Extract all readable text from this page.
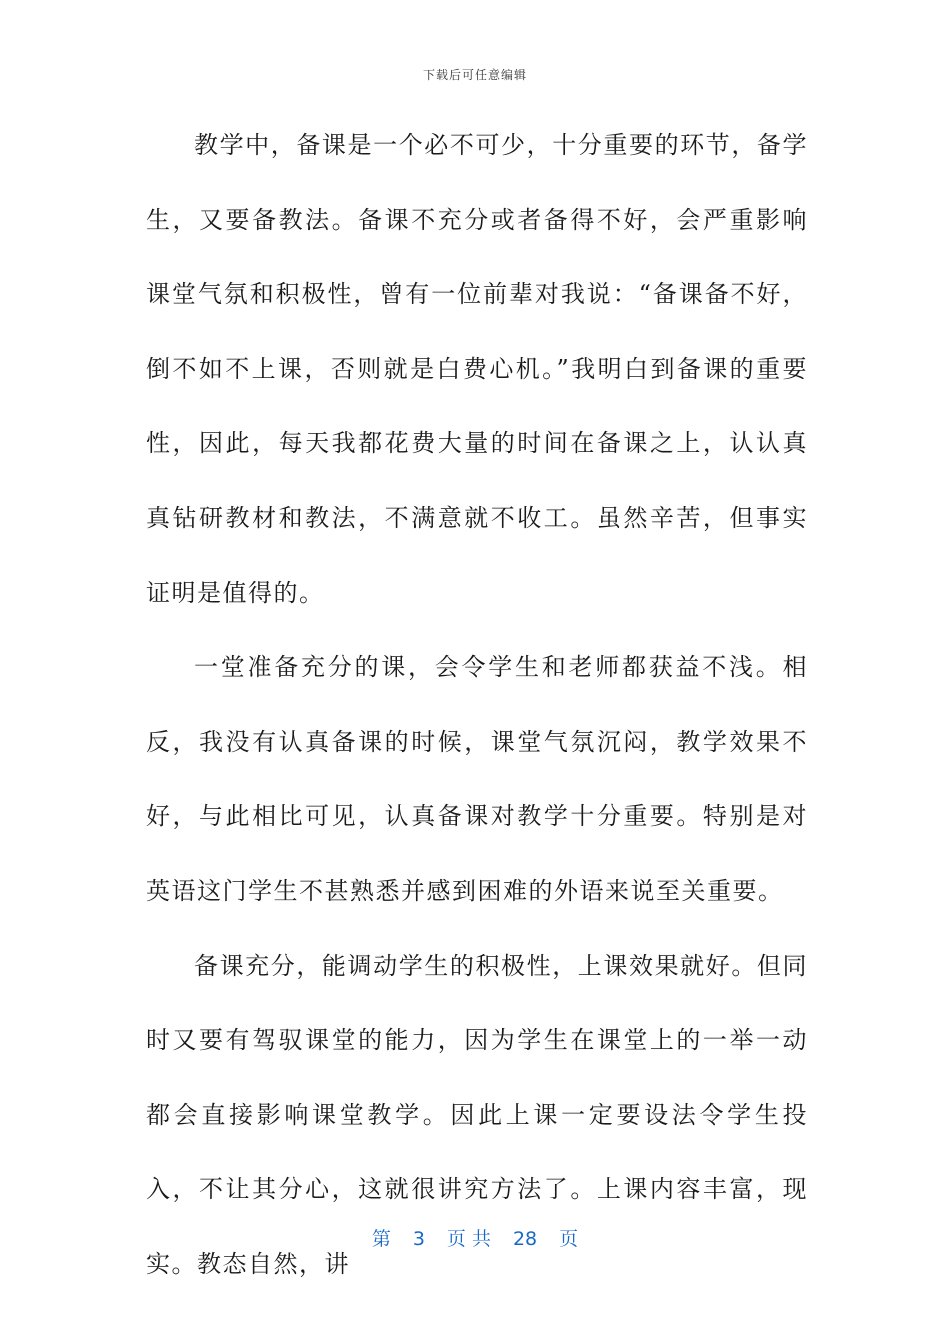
下载后可任意编辑

教学中，备课是一个必不可少，十分重要的环节，备学生，又要备教法。备课不充分或者备得不好，会严重影响课堂气氛和积极性，曾有一位前辈对我说：“备课备不好，倒不如不上课，否则就是白费心机。”我明白到备课的重要性，因此，每天我都花费大量的时间在备课之上，认认真真钻研教材和教法，不满意就不收工。虽然辛苦，但事实证明是值得的。

一堂准备充分的课，会令学生和老师都获益不浅。相反，我没有认真备课的时候，课堂气氛沉闷，教学效果不好，与此相比可见，认真备课对教学十分重要。特别是对英语这门学生不甚熟悉并感到困难的外语来说至关重要。

备课充分，能调动学生的积极性，上课效果就好。但同时又要有驾驭课堂的能力，因为学生在课堂上的一举一动都会直接影响课堂教学。因此上课一定要设法令学生投入，不让其分心，这就很讲究方法了。上课内容丰富，现实。教态自然，讲

第 3 页 共 28 页
